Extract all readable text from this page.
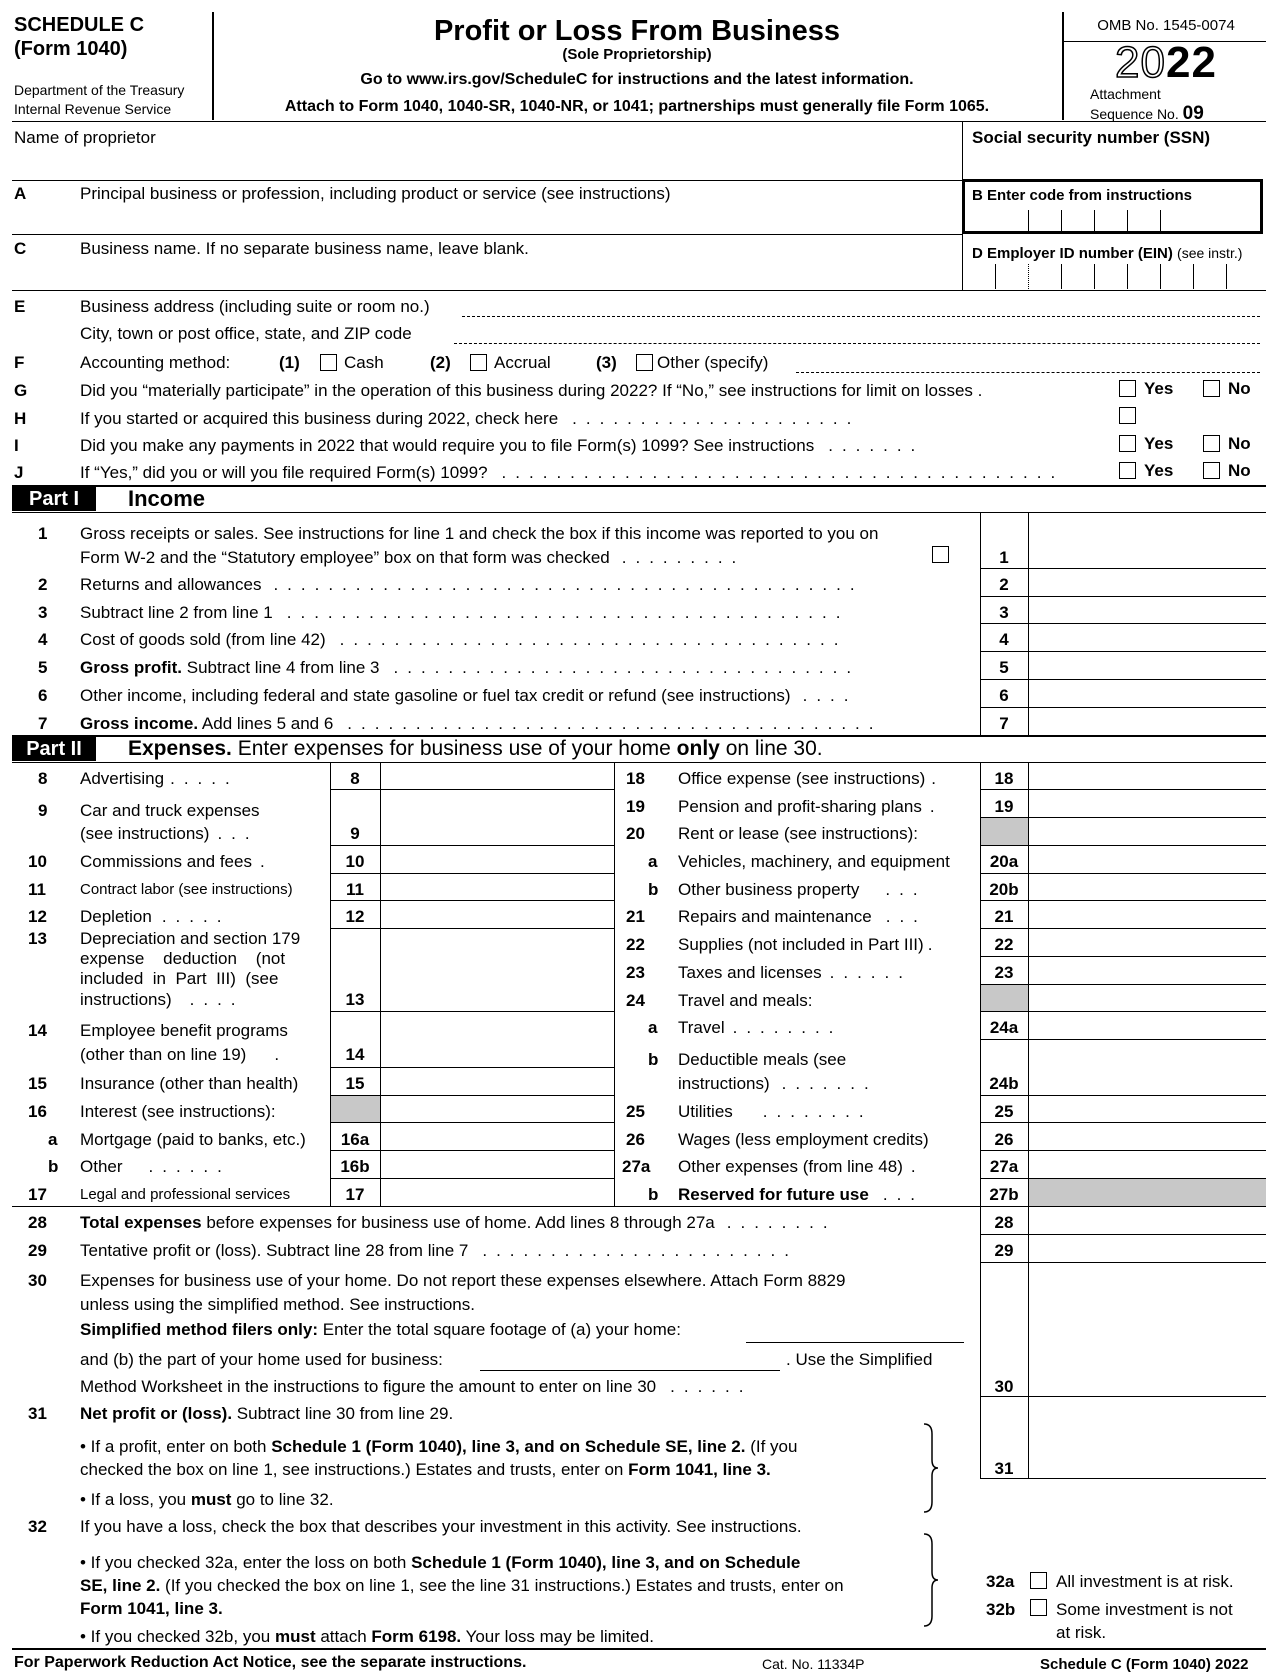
SCHEDULE C
(Form 1040)
Department of the Treasury
Internal Revenue Service
Profit or Loss From Business
(Sole Proprietorship)
Go to www.irs.gov/ScheduleC for instructions and the latest information.
Attach to Form 1040, 1040-SR, 1040-NR, or 1041; partnerships must generally file Form 1065.
OMB No. 1545-0074
2022
Attachment
Sequence No. 09
Name of proprietor	Social security number (SSN)
A	Principal business or profession, including product or service (see instructions)	B Enter code from instructions
C	Business name. If no separate business name, leave blank.	D Employer ID number (EIN) (see instr.)
E	Business address (including suite or room no.)
City, town or post office, state, and ZIP code
F	Accounting method:	(1)	Cash	(2)	Accrual	(3) Other (specify)
G	Did you “materially participate” in the operation of this business during 2022? If “No,” see instructions for limit on losses .	Yes	No
H	If you started or acquired this business during 2022, check here .....................
I	Did you make any payments in 2022 that would require you to file Form(s) 1099? See instructions .......	Yes	No
J	If “Yes,” did you or will you file required Form(s) 1099? .........................................	Yes	No
Part I	Income
1 Gross receipts or sales. See instructions for line 1 and check the box if this income was reported to you on
Form W-2 and the “Statutory employee” box on that form was checked .........	1
2 Returns and allowances ...........................................	2
3 Subtract line 2 from line 1 .........................................	3
4 Cost of goods sold (from line 42) .....................................	4
5 Gross profit. Subtract line 4 from line 3 ..................................	5
6 Other income, including federal and state gasoline or fuel tax credit or refund (see instructions) ....	6
7 Gross income. Add lines 5 and 6 .......................................	7
Part II	Expenses. Enter expenses for business use of your home only on line 30.
8 Advertising .....	8
9 Car and truck expenses
(see instructions) ...	9
10 Commissions and fees .	10
11 Contract labor (see instructions)	11
12 Depletion .....	12
13 Depreciation and section 179
expense    deduction    (not
included  in  Part  III)  (see
instructions) ....	13
14 Employee benefit programs
(other than on line 19) .	14
15 Insurance (other than health)	15
16 Interest (see instructions):
a Mortgage (paid to banks, etc.)	16a
b Other ......	16b
17 Legal and professional services	17
18 Office expense (see instructions) .	18
19 Pension and profit-sharing plans .	19
20 Rent or lease (see instructions):
a Vehicles, machinery, and equipment	20a
b Other business property ...	20b
21 Repairs and maintenance ...	21
22 Supplies (not included in Part III) .	22
23 Taxes and licenses ......	23
24 Travel and meals:
a Travel ........	24a
b Deductible meals (see
instructions) .......	24b
25 Utilities ........	25
26 Wages (less employment credits)	26
27a Other expenses (from line 48) .	27a
b Reserved for future use ...	27b
28 Total expenses before expenses for business use of home. Add lines 8 through 27a ........	28
29 Tentative profit or (loss). Subtract line 28 from line 7 .......................	29
30 Expenses for business use of your home. Do not report these expenses elsewhere. Attach Form 8829
unless using the simplified method. See instructions.
Simplified method filers only: Enter the total square footage of (a) your home:
and (b) the part of your home used for business:	. Use the Simplified
Method Worksheet in the instructions to figure the amount to enter on line 30 ......	30
31 Net profit or (loss). Subtract line 30 from line 29.
• If a profit, enter on both Schedule 1 (Form 1040), line 3, and on Schedule SE, line 2. (If you
checked the box on line 1, see instructions.) Estates and trusts, enter on Form 1041, line 3.
• If a loss, you must go to line 32.
31
32 If you have a loss, check the box that describes your investment in this activity. See instructions.
• If you checked 32a, enter the loss on both Schedule 1 (Form 1040), line 3, and on Schedule
SE, line 2. (If you checked the box on line 1, see the line 31 instructions.) Estates and trusts, enter on
Form 1041, line 3.
• If you checked 32b, you must attach Form 6198. Your loss may be limited.
32a All investment is at risk.
32b Some investment is not
at risk.
For Paperwork Reduction Act Notice, see the separate instructions.	Cat. No. 11334P	Schedule C (Form 1040) 2022
